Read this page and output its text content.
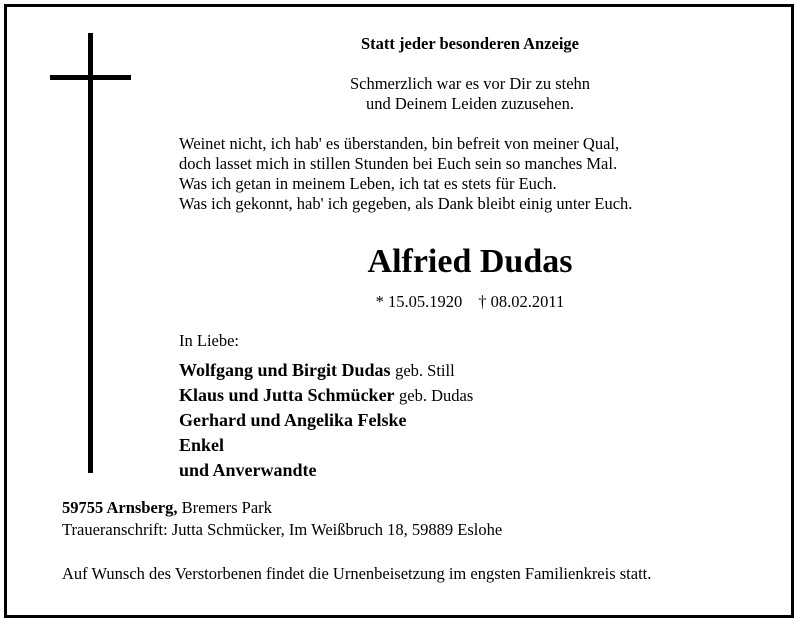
Statt jeder besonderen Anzeige
Schmerzlich war es vor Dir zu stehn
und Deinem Leiden zuzusehen.
Weinet nicht, ich hab' es überstanden, bin befreit von meiner Qual,
doch lasset mich in stillen Stunden bei Euch sein so manches Mal.
Was ich getan in meinem Leben, ich tat es stets für Euch.
Was ich gekonnt, hab' ich gegeben, als Dank bleibt einig unter Euch.
Alfried Dudas
* 15.05.1920 † 08.02.2011
In Liebe:
Wolfgang und Birgit Dudas geb. Still
Klaus und Jutta Schmücker geb. Dudas
Gerhard und Angelika Felske
Enkel
und Anverwandte
59755 Arnsberg, Bremers Park
Traueranschrift: Jutta Schmücker, Im Weißbruch 18, 59889 Eslohe
Auf Wunsch des Verstorbenen findet die Urnenbeisetzung im engsten Familienkreis statt.
